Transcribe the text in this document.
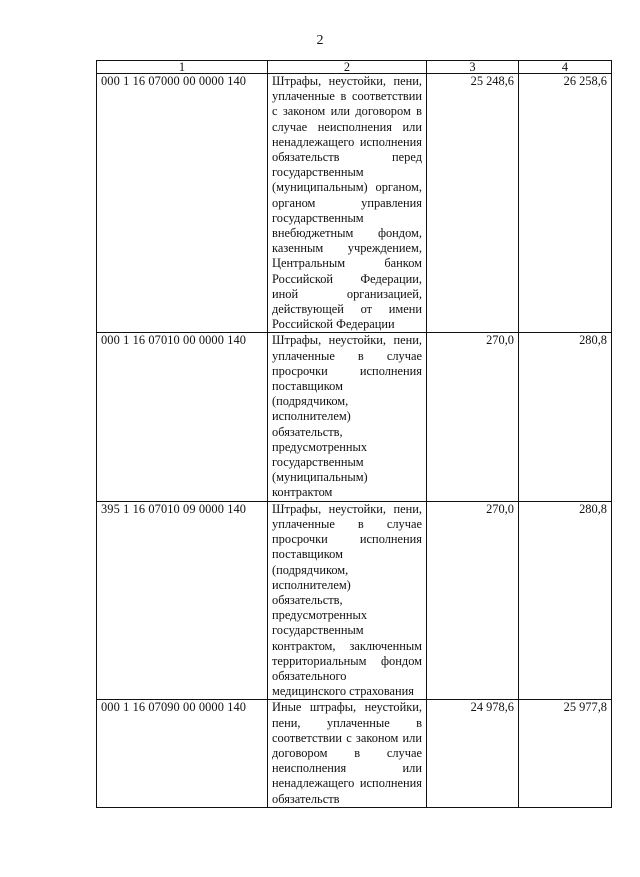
2
1	2	3	4
000 1 16 07000 00 0000 140	Штрафы, неустойки, пени, уплаченные в соответствии с законом или договором в случае неисполнения или ненадлежащего исполнения обязательств перед государственным (муниципальным) органом, органом управления государственным внебюджетным фондом, казенным учреждением, Центральным банком Российской Федерации, иной организацией, действующей от имени Российской Федерации	25 248,6	26 258,6
000 1 16 07010 00 0000 140	Штрафы, неустойки, пени, уплаченные в случае просрочки исполнения поставщиком (подрядчиком, исполнителем) обязательств, предусмотренных государственным (муниципальным) контрактом	270,0	280,8
395 1 16 07010 09 0000 140	Штрафы, неустойки, пени, уплаченные в случае просрочки исполнения поставщиком (подрядчиком, исполнителем) обязательств, предусмотренных государственным контрактом, заключенным территориальным фондом обязательного медицинского страхования	270,0	280,8
000 1 16 07090 00 0000 140	Иные штрафы, неустойки, пени, уплаченные в соответствии с законом или договором в случае неисполнения или ненадлежащего исполнения обязательств	24 978,6	25 977,8
